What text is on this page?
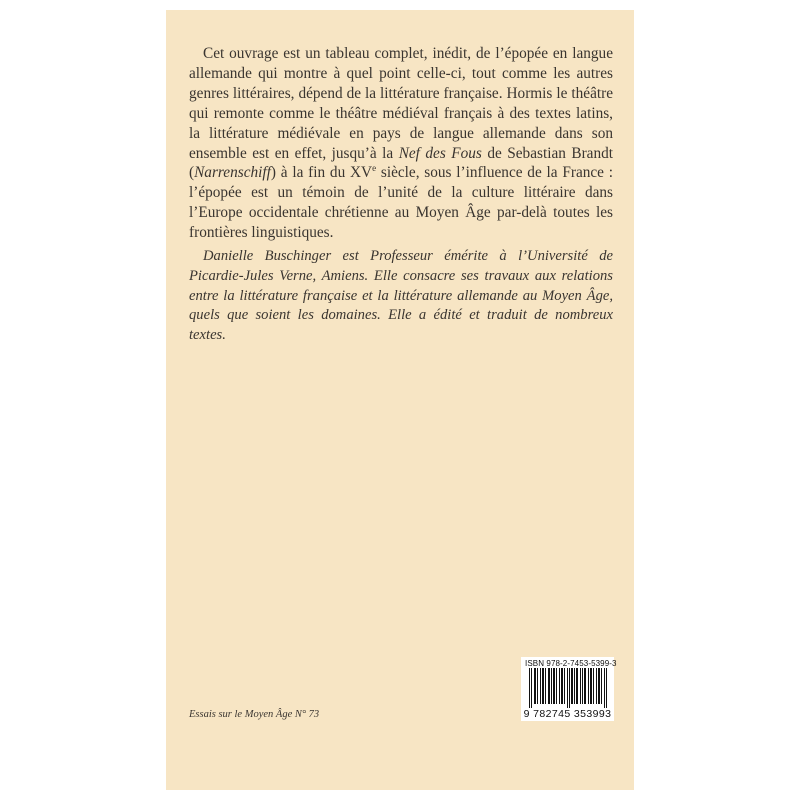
Cet ouvrage est un tableau complet, inédit, de l’épopée en langue allemande qui montre à quel point celle-ci, tout comme les autres genres littéraires, dépend de la littérature française. Hormis le théâtre qui remonte comme le théâtre médiéval français à des textes latins, la littérature médiévale en pays de langue allemande dans son ensemble est en effet, jusqu’à la Nef des Fous de Sebastian Brandt (Narrenschiff) à la fin du XVe siècle, sous l’influence de la France : l’épopée est un témoin de l’unité de la culture littéraire dans l’Europe occidentale chrétienne au Moyen Âge par-delà toutes les frontières linguistiques.

Danielle Buschinger est Professeur émérite à l’Université de Picardie-Jules Verne, Amiens. Elle consacre ses travaux aux relations entre la littérature française et la littérature allemande au Moyen Âge, quels que soient les domaines. Elle a édité et traduit de nombreux textes.

Essais sur le Moyen Âge N° 73
ISBN 978-2-7453-5399-3
9 782745 353993
